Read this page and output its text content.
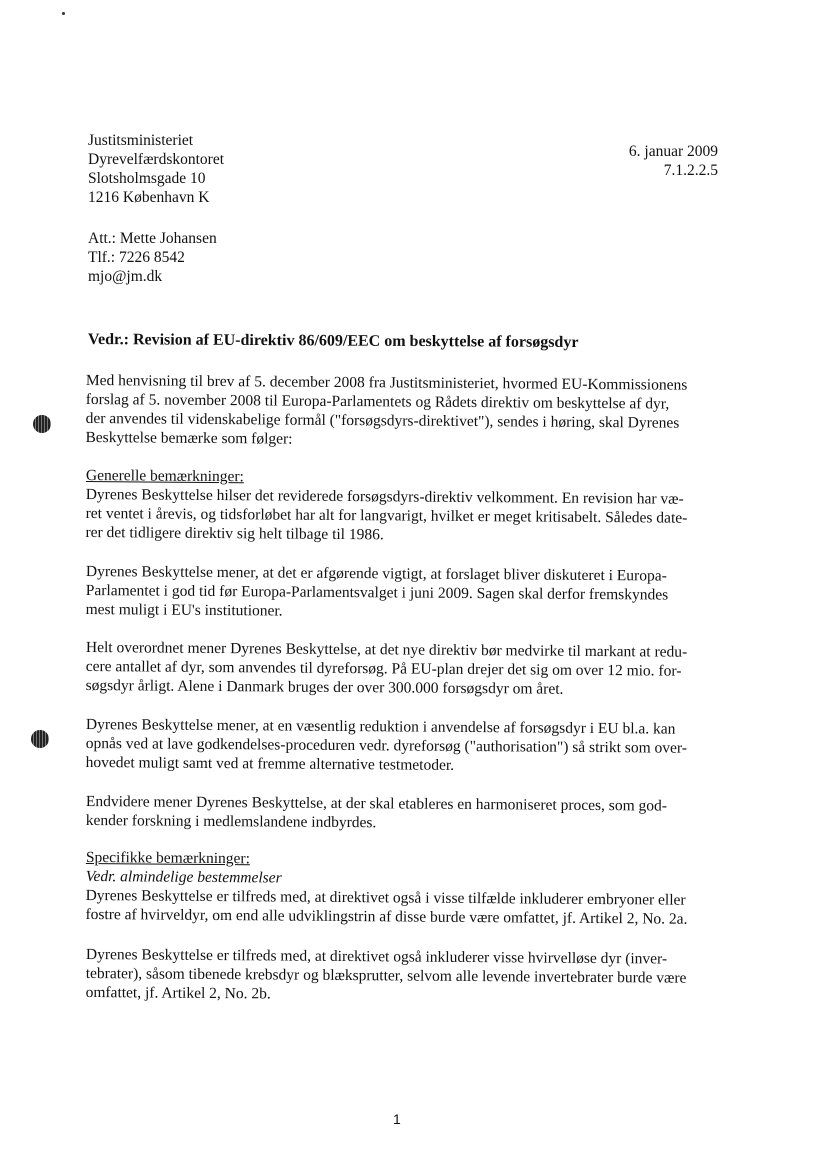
Justitsministeriet
Dyrevelfærdskontoret
Slotsholmsgade 10
1216 København K
6. januar 2009
7.1.2.2.5
Att.: Mette Johansen
Tlf.: 7226 8542
mjo@jm.dk
Vedr.: Revision af EU-direktiv 86/609/EEC om beskyttelse af forsøgsdyr
Med henvisning til brev af 5. december 2008 fra Justitsministeriet, hvormed EU-Kommissionens
forslag af 5. november 2008 til Europa-Parlamentets og Rådets direktiv om beskyttelse af dyr,
der anvendes til videnskabelige formål ("forsøgsdyrs-direktivet"), sendes i høring, skal Dyrenes
Beskyttelse bemærke som følger:
Generelle bemærkninger:
Dyrenes Beskyttelse hilser det reviderede forsøgsdyrs-direktiv velkomment. En revision har væ-
ret ventet i årevis, og tidsforløbet har alt for langvarigt, hvilket er meget kritisabelt. Således date-
rer det tidligere direktiv sig helt tilbage til 1986.
Dyrenes Beskyttelse mener, at det er afgørende vigtigt, at forslaget bliver diskuteret i Europa-
Parlamentet i god tid før Europa-Parlamentsvalget i juni 2009. Sagen skal derfor fremskyndes
mest muligt i EU's institutioner.
Helt overordnet mener Dyrenes Beskyttelse, at det nye direktiv bør medvirke til markant at redu-
cere antallet af dyr, som anvendes til dyreforsøg. På EU-plan drejer det sig om over 12 mio. for-
søgsdyr årligt. Alene i Danmark bruges der over 300.000 forsøgsdyr om året.
Dyrenes Beskyttelse mener, at en væsentlig reduktion i anvendelse af forsøgsdyr i EU bl.a. kan
opnås ved at lave godkendelses-proceduren vedr. dyreforsøg ("authorisation") så strikt som over-
hovedet muligt samt ved at fremme alternative testmetoder.
Endvidere mener Dyrenes Beskyttelse, at der skal etableres en harmoniseret proces, som god-
kender forskning i medlemslandene indbyrdes.
Specifikke bemærkninger:
Vedr. almindelige bestemmelser
Dyrenes Beskyttelse er tilfreds med, at direktivet også i visse tilfælde inkluderer embryoner eller
fostre af hvirveldyr, om end alle udviklingstrin af disse burde være omfattet, jf. Artikel 2, No. 2a.
Dyrenes Beskyttelse er tilfreds med, at direktivet også inkluderer visse hvirvelløse dyr (inver-
tebrater), såsom tibenede krebsdyr og blæksprutter, selvom alle levende invertebrater burde være
omfattet, jf. Artikel 2, No. 2b.
1
